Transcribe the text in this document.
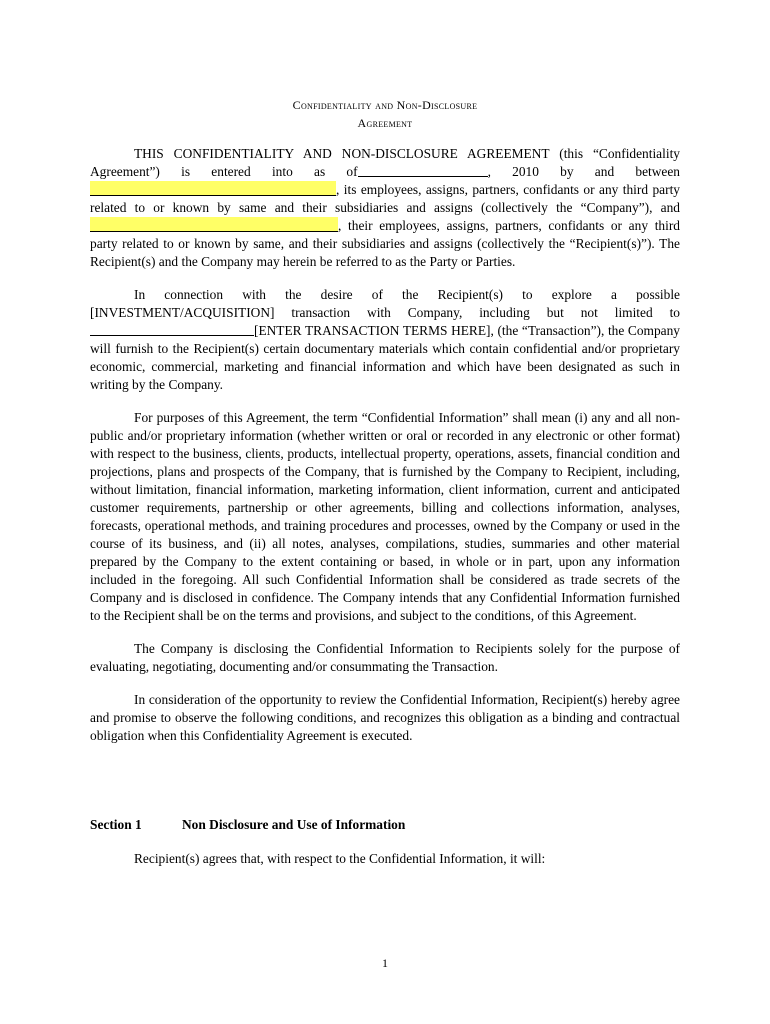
Confidentiality and Non-Disclosure
Agreement

THIS CONFIDENTIALITY AND NON-DISCLOSURE AGREEMENT (this “Confidentiality Agreement”) is entered into as of	, 2010 by and between , its employees, assigns, partners, confidants or any third party related to or known by same and their subsidiaries and assigns (collectively the “Company”), and , their employees, assigns, partners, confidants or any third party related to or known by same, and their subsidiaries and assigns (collectively the “Recipient(s)”). The Recipient(s) and the Company may herein be referred to as the Party or Parties.

In connection with the desire of the Recipient(s) to explore a possible [INVESTMENT/ACQUISITION] transaction with Company, including but not limited to [ENTER TRANSACTION TERMS HERE], (the “Transaction”), the Company will furnish to the Recipient(s) certain documentary materials which contain confidential and/or proprietary economic, commercial, marketing and financial information and which have been designated as such in writing by the Company.

For purposes of this Agreement, the term “Confidential Information” shall mean (i) any and all non-public and/or proprietary information (whether written or oral or recorded in any electronic or other format) with respect to the business, clients, products, intellectual property, operations, assets, financial condition and projections, plans and prospects of the Company, that is furnished by the Company to Recipient, including, without limitation, financial information, marketing information, client information, current and anticipated customer requirements, partnership or other agreements, billing and collections information, analyses, forecasts, operational methods, and training procedures and processes, owned by the Company or used in the course of its business, and (ii) all notes, analyses, compilations, studies, summaries and other material prepared by the Company to the extent containing or based, in whole or in part, upon any information included in the foregoing. All such Confidential Information shall be considered as trade secrets of the Company and is disclosed in confidence. The Company intends that any Confidential Information furnished to the Recipient shall be on the terms and provisions, and subject to the conditions, of this Agreement.

The Company is disclosing the Confidential Information to Recipients solely for the purpose of evaluating, negotiating, documenting and/or consummating the Transaction.

In consideration of the opportunity to review the Confidential Information, Recipient(s) hereby agree and promise to observe the following conditions, and recognizes this obligation as a binding and contractual obligation when this Confidentiality Agreement is executed.

Section 1	Non Disclosure and Use of Information
Recipient(s) agrees that, with respect to the Confidential Information, it will:
1
